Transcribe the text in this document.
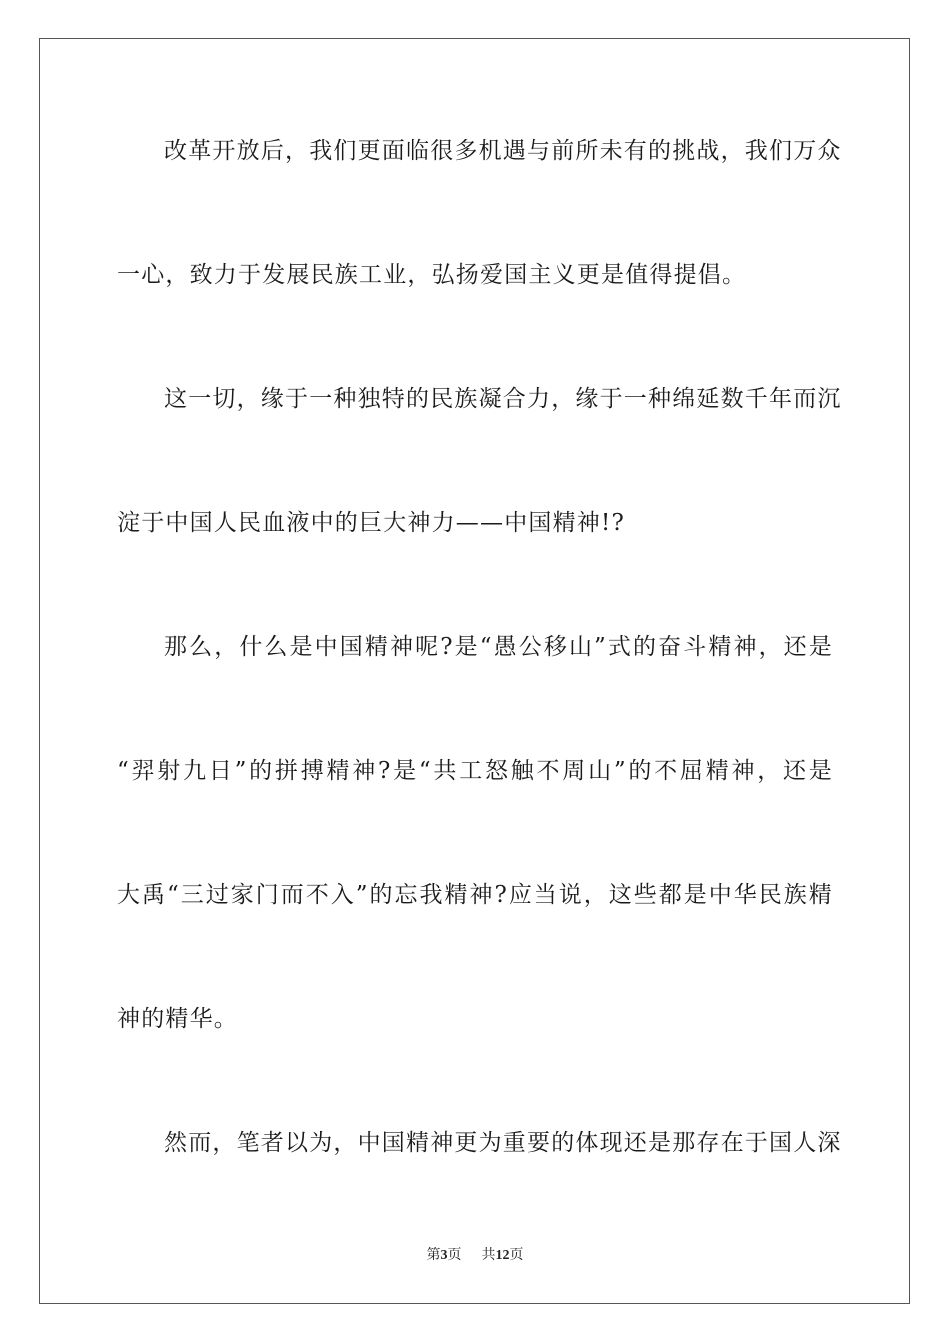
改革开放后，我们更面临很多机遇与前所未有的挑战，我们万众
一心，致力于发展民族工业，弘扬爱国主义更是值得提倡。
这一切，缘于一种独特的民族凝合力，缘于一种绵延数千年而沉
淀于中国人民血液中的巨大神力——中国精神!?
那么，什么是中国精神呢?是“愚公移山”式的奋斗精神，还是
“羿射九日”的拼搏精神?是“共工怒触不周山”的不屈精神，还是
大禹“三过家门而不入”的忘我精神?应当说，这些都是中华民族精
神的精华。
然而，笔者以为，中国精神更为重要的体现还是那存在于国人深
第3页 共12页
